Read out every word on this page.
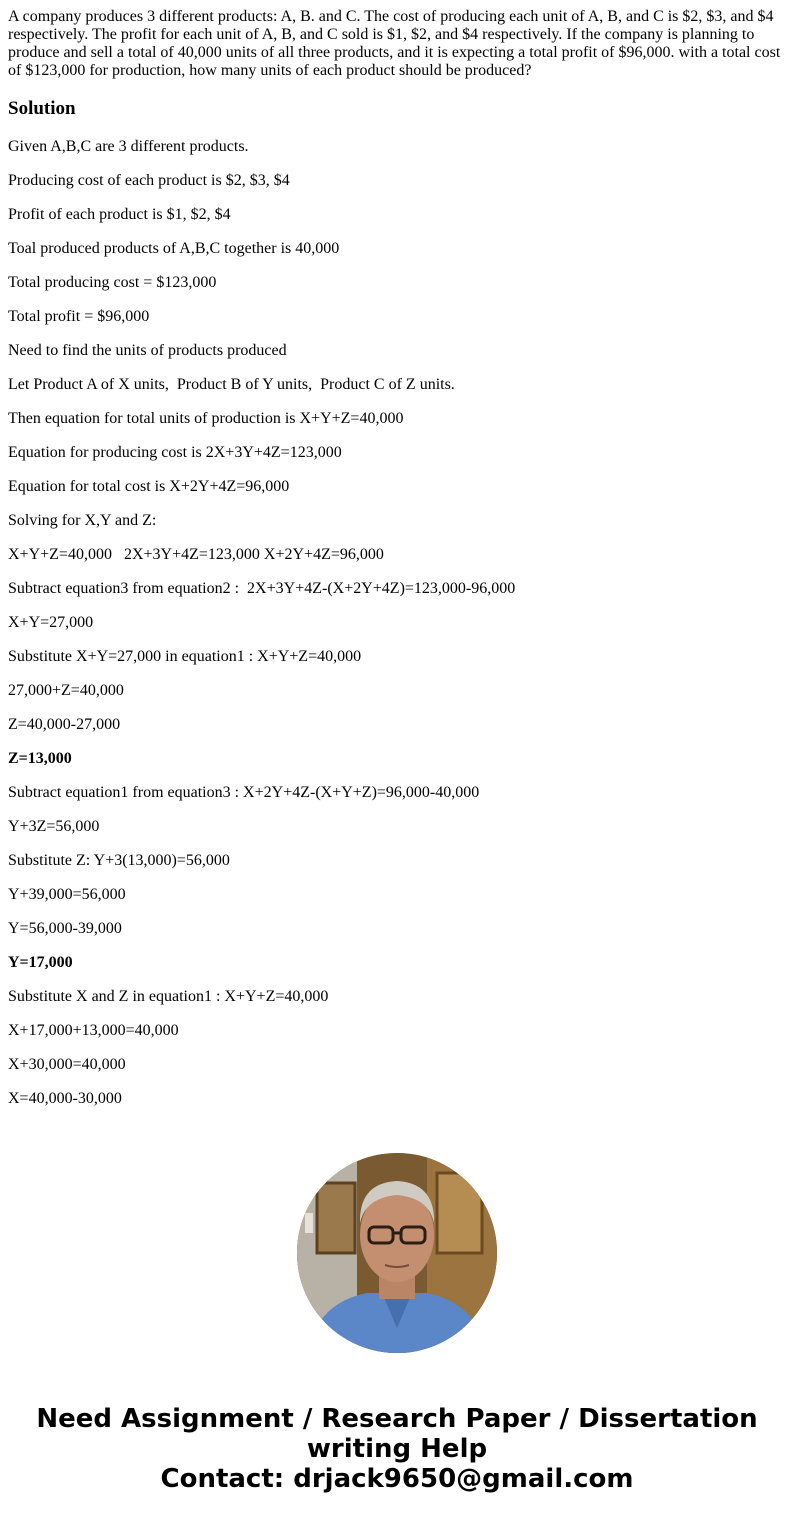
A company produces 3 different products: A, B. and C. The cost of producing each unit of A, B, and C is $2, $3, and $4 respectively. The profit for each unit of A, B, and C sold is $1, $2, and $4 respectively. If the company is planning to produce and sell a total of 40,000 units of all three products, and it is expecting a total profit of $96,000. with a total cost of $123,000 for production, how many units of each product should be produced?

Solution
Given A,B,C are 3 different products.
Producing cost of each product is $2, $3, $4
Profit of each product is $1, $2, $4
Toal produced products of A,B,C together is 40,000
Total producing cost = $123,000
Total profit = $96,000
Need to find the units of products produced
Let Product A of X units,  Product B of Y units,  Product C of Z units.
Then equation for total units of production is X+Y+Z=40,000
Equation for producing cost is 2X+3Y+4Z=123,000
Equation for total cost is X+2Y+4Z=96,000
Solving for X,Y and Z:
X+Y+Z=40,000   2X+3Y+4Z=123,000 X+2Y+4Z=96,000
Subtract equation3 from equation2 :  2X+3Y+4Z-(X+2Y+4Z)=123,000-96,000
X+Y=27,000
Substitute X+Y=27,000 in equation1 : X+Y+Z=40,000
27,000+Z=40,000
Z=40,000-27,000
Z=13,000
Subtract equation1 from equation3 : X+2Y+4Z-(X+Y+Z)=96,000-40,000
Y+3Z=56,000
Substitute Z: Y+3(13,000)=56,000
Y+39,000=56,000
Y=56,000-39,000
Y=17,000
Substitute X and Z in equation1 : X+Y+Z=40,000
X+17,000+13,000=40,000
X+30,000=40,000
X=40,000-30,000
Need Assignment / Research Paper / Dissertation
writing Help
Contact: drjack9650@gmail.com
